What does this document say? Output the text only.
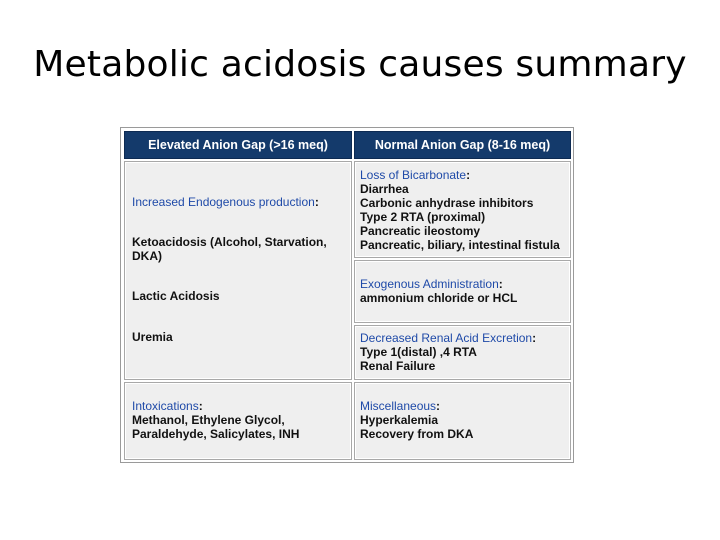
Metabolic acidosis causes summary
Elevated Anion Gap (>16 meq)	Normal Anion Gap (8-16 meq)
Increased Endogenous production:
Ketoacidosis (Alcohol, Starvation,
DKA)
Lactic Acidosis
Uremia
Intoxications:
Methanol, Ethylene Glycol,
Paraldehyde, Salicylates, INH
Loss of Bicarbonate:
Diarrhea
Carbonic anhydrase inhibitors
Type 2 RTA (proximal)
Pancreatic ileostomy
Pancreatic, biliary, intestinal fistula
Exogenous Administration:
ammonium chloride or HCL
Decreased Renal Acid Excretion:
Type 1(distal) ,4 RTA
Renal Failure
Miscellaneous:
Hyperkalemia
Recovery from DKA
